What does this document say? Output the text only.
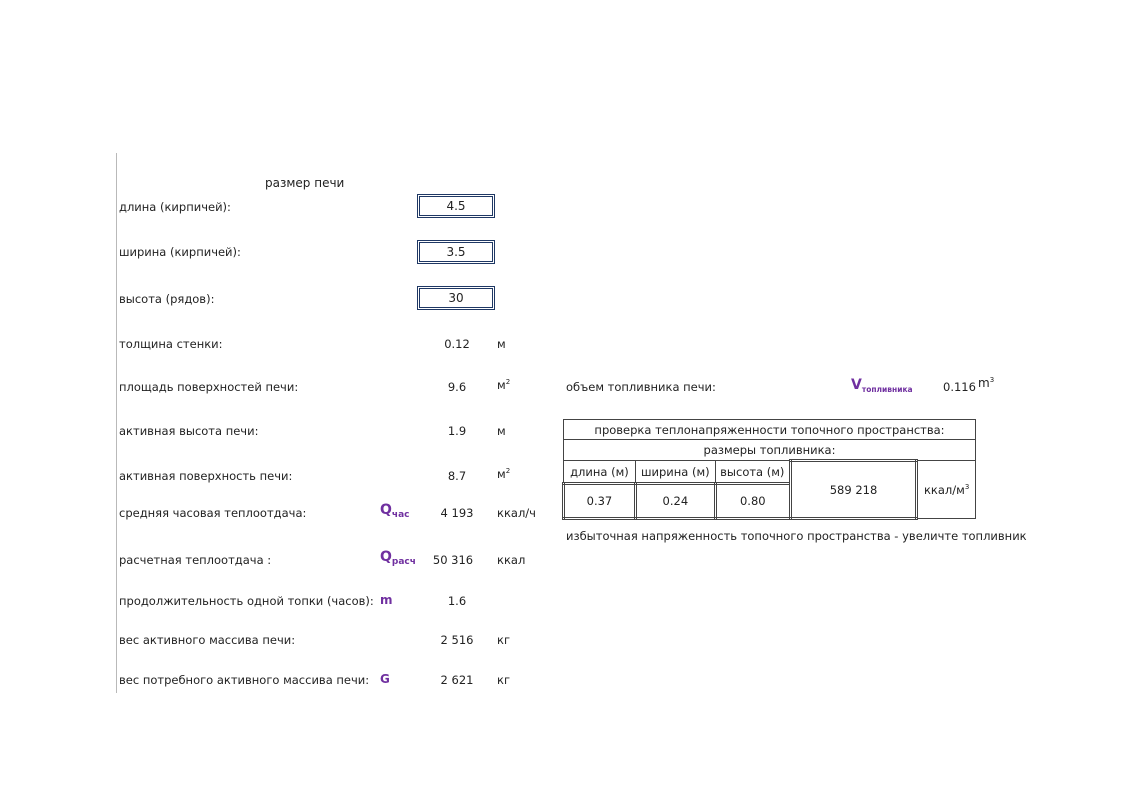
размер печи
длина (кирпичей):	4.5
ширина (кирпичей):	3.5
высота (рядов):	30
толщина стенки:	0.12	м
площадь поверхностей печи:	9.6	$м^2$
активная высота печи:	1.9	м
активная поверхность печи:	8.7	$м^2$
средняя часовая теплоотдача:	$Q_{час}$	4 193	ккал/ч
расчетная теплоотдача :	$Q_{расч}$	50 316	ккал
продолжительность одной топки (часов): m	1.6
вес активного массива печи:	2 516	кг
вес потребного активного массива печи: G	2 621	кг
объем топливника печи:	$V_{топливника}$	0.116 $m^3$
проверка теплонапряженности топочного пространства:				
размеры топливника:				
длина (м)	ширина (м)	высота (м)	589 218	ккал/$м^3$
0.37	0.24	0.80		
избыточная напряженность топочного пространства - увеличте топливник
